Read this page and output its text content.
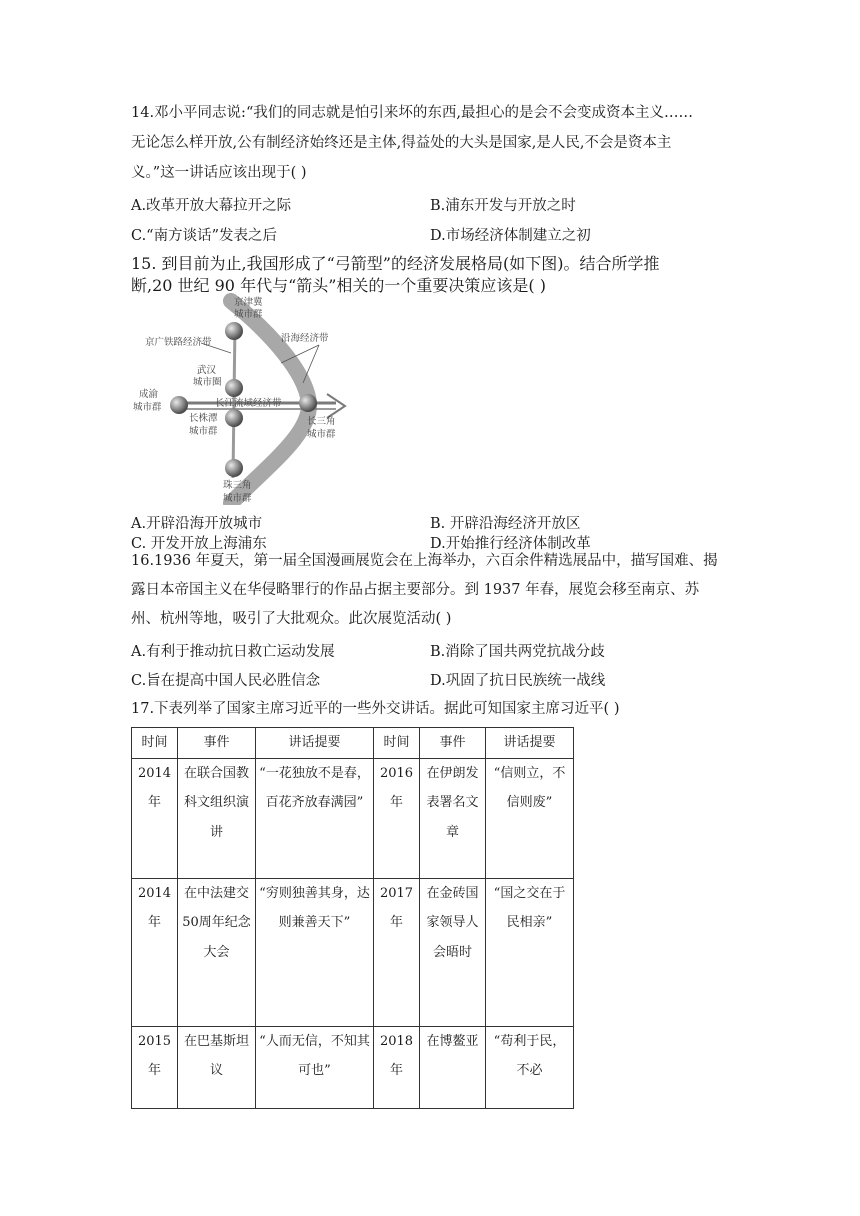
14.邓小平同志说:“我们的同志就是怕引来坏的东西,最担心的是会不会变成资本主义……
无论怎么样开放,公有制经济始终还是主体,得益处的大头是国家,是人民,不会是资本主
义。”这一讲话应该出现于( )
A.改革开放大幕拉开之际	B.浦东开发与开放之时
C.“南方谈话”发表之后	D.市场经济体制建立之初
15. 到目前为止,我国形成了“弓箭型”的经济发展格局(如下图)。结合所学推
断,20 世纪 90 年代与“箭头”相关的一个重要决策应该是( )
京津冀
城市群
京广铁路经济带	沿海经济带
武汉
城市圈
成渝
城市群	长江流域经济带
长株潭
城市群
长三角
城市群
珠三角
城市群
A.开辟沿海开放城市	B. 开辟沿海经济开放区
C. 开发开放上海浦东	D.开始推行经济体制改革
16.1936 年夏天，第一届全国漫画展览会在上海举办，六百余件精选展品中，描写国难、揭
露日本帝国主义在华侵略罪行的作品占据主要部分。到 1937 年春，展览会移至南京、苏
州、杭州等地，吸引了大批观众。此次展览活动( )
A.有利于推动抗日救亡运动发展	B.消除了国共两党抗战分歧
C.旨在提高中国人民必胜信念	D.巩固了抗日民族统一战线
17.下表列举了国家主席习近平的一些外交讲话。据此可知国家主席习近平( )
时间	事件	讲话提要	时间	事件	讲话提要
2014年	在联合国教科文组织演讲	“一花独放不是春，百花齐放春满园”	2016年	在伊朗发表署名文章	“信则立，不信则废”
2014年	在中法建交50周年纪念大会	“穷则独善其身，达则兼善天下”	2017年	在金砖国家领导人会晤时	“国之交在于民相亲”
2015年	在巴基斯坦议	“人而无信，不知其可也”	2018年	在博鳌亚	“苟利于民，不必
